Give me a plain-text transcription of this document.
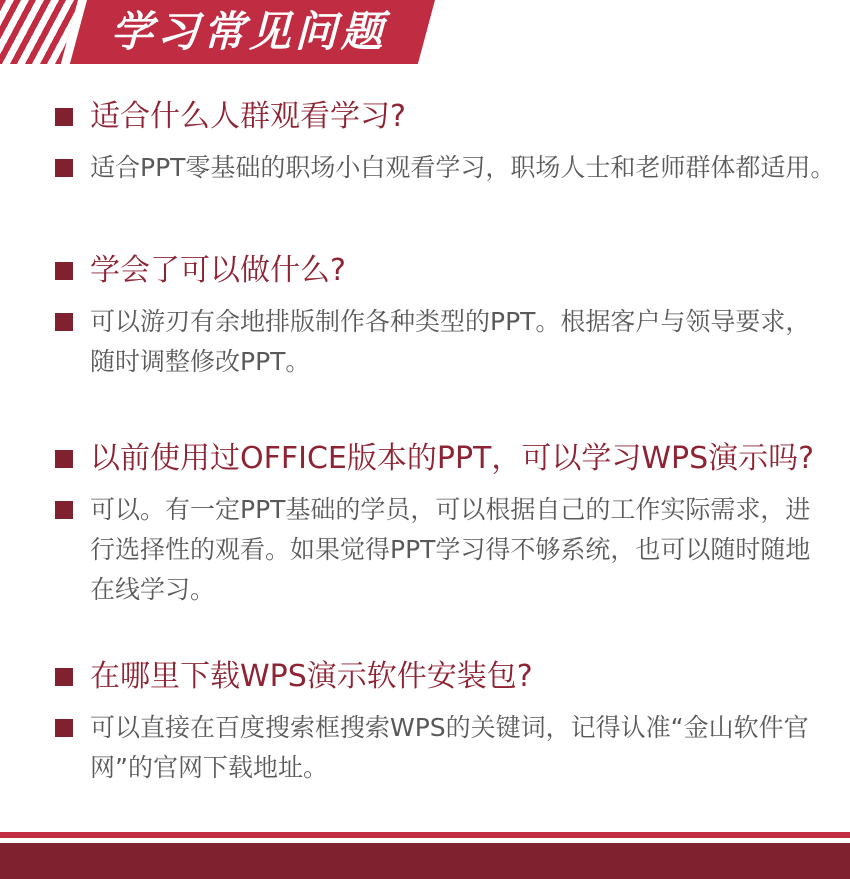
学习常见问题
适合什么人群观看学习?
适合PPT零基础的职场小白观看学习，职场人士和老师群体都适用。
学会了可以做什么?
可以游刃有余地排版制作各种类型的PPT。根据客户与领导要求，
随时调整修改PPT。
以前使用过OFFICE版本的PPT，可以学习WPS演示吗?
可以。有一定PPT基础的学员，可以根据自己的工作实际需求，进
行选择性的观看。如果觉得PPT学习得不够系统，也可以随时随地
在线学习。
在哪里下载WPS演示软件安装包?
可以直接在百度搜索框搜索WPS的关键词，记得认准“金山软件官
网”的官网下载地址。
